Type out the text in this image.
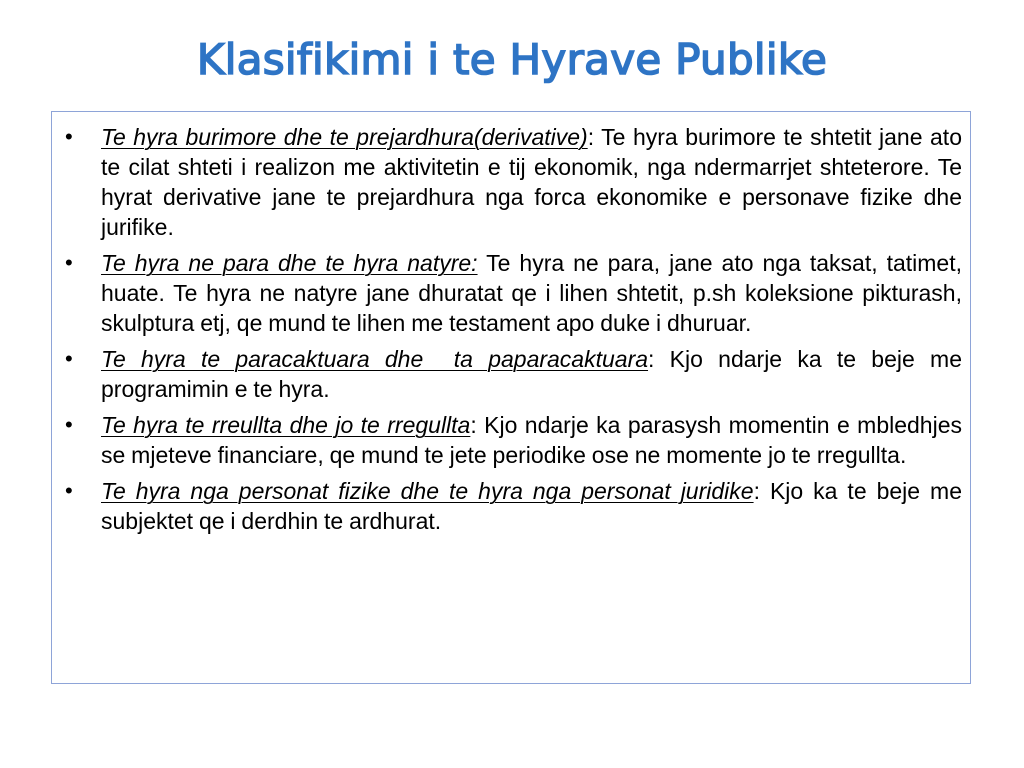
Klasifikimi i te Hyrave Publike
• Te hyra burimore dhe te prejardhura(derivative): Te hyra burimore te shtetit jane ato te cilat shteti i realizon me aktivitetin e tij ekonomik, nga ndermarrjet shteterore. Te hyrat derivative jane te prejardhura nga forca ekonomike e personave fizike dhe jurifike.
• Te hyra ne para dhe te hyra natyre: Te hyra ne para, jane ato nga taksat, tatimet, huate. Te hyra ne natyre jane dhuratat qe i lihen shtetit, p.sh koleksione pikturash, skulptura etj, qe mund te lihen me testament apo duke i dhuruar.
• Te hyra te paracaktuara dhe  ta paparacaktuara: Kjo ndarje ka te beje me programimin e te hyra.
• Te hyra te rreullta dhe jo te rregullta: Kjo ndarje ka parasysh momentin e mbledhjes se mjeteve financiare, qe mund te jete periodike ose ne momente jo te rregullta.
• Te hyra nga personat fizike dhe te hyra nga personat juridike: Kjo ka te beje me subjektet qe i derdhin te ardhurat.
